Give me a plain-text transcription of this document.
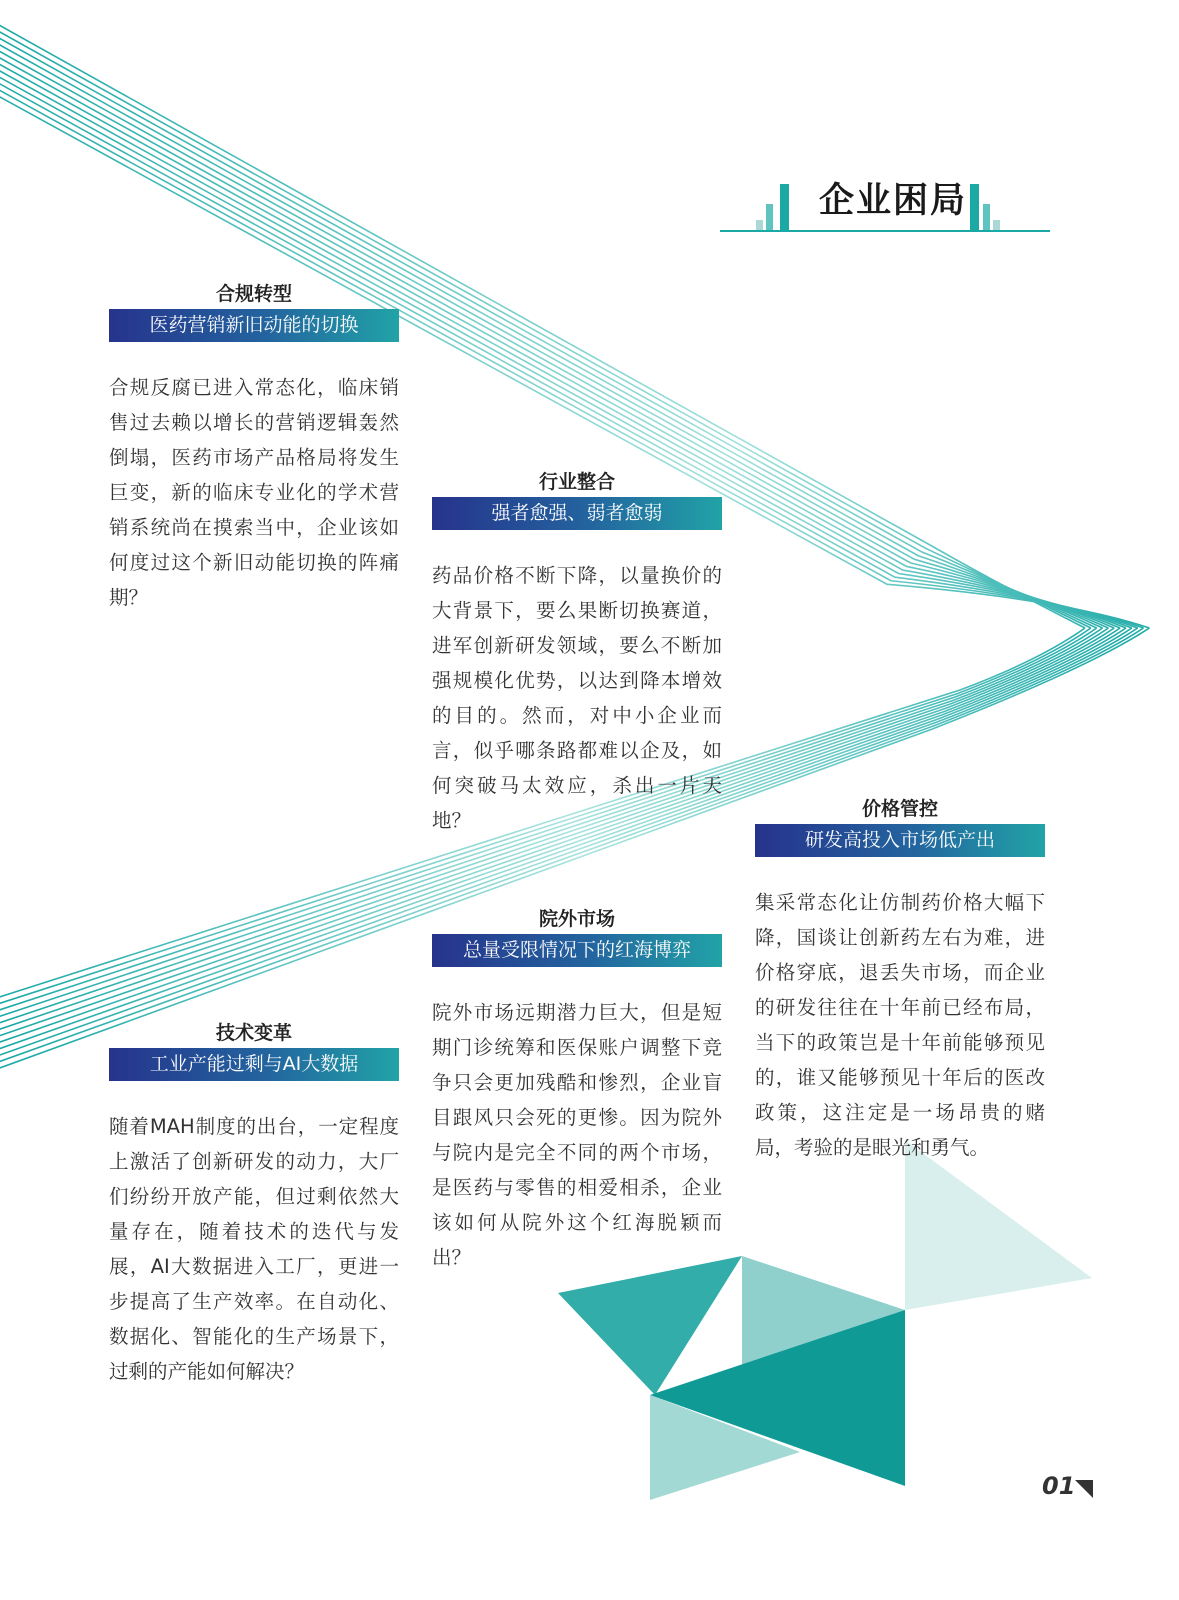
企业困局
合规转型
医药营销新旧动能的切换
合规反腐已进入常态化，临床销售过去赖以增长的营销逻辑轰然倒塌，医药市场产品格局将发生巨变，新的临床专业化的学术营销系统尚在摸索当中，企业该如何度过这个新旧动能切换的阵痛期？
行业整合
强者愈强、弱者愈弱
药品价格不断下降，以量换价的大背景下，要么果断切换赛道，进军创新研发领域，要么不断加强规模化优势，以达到降本增效的目的。然而，对中小企业而言，似乎哪条路都难以企及，如何突破马太效应，杀出一片天地？	价格管控
研发高投入市场低产出
集采常态化让仿制药价格大幅下降，国谈让创新药左右为难，进价格穿底，退丢失市场，而企业的研发往往在十年前已经布局，当下的政策岂是十年前能够预见的，谁又能够预见十年后的医改政策，这注定是一场昂贵的赌局，考验的是眼光和勇气。
院外市场
总量受限情况下的红海博弈
院外市场远期潜力巨大，但是短期门诊统筹和医保账户调整下竞争只会更加残酷和惨烈，企业盲目跟风只会死的更惨。因为院外与院内是完全不同的两个市场，是医药与零售的相爱相杀，企业该如何从院外这个红海脱颖而出？
技术变革
工业产能过剩与AI大数据
随着MAH制度的出台，一定程度上激活了创新研发的动力，大厂们纷纷开放产能，但过剩依然大量存在，随着技术的迭代与发展，AI大数据进入工厂，更进一步提高了生产效率。在自动化、数据化、智能化的生产场景下，过剩的产能如何解决？
01
